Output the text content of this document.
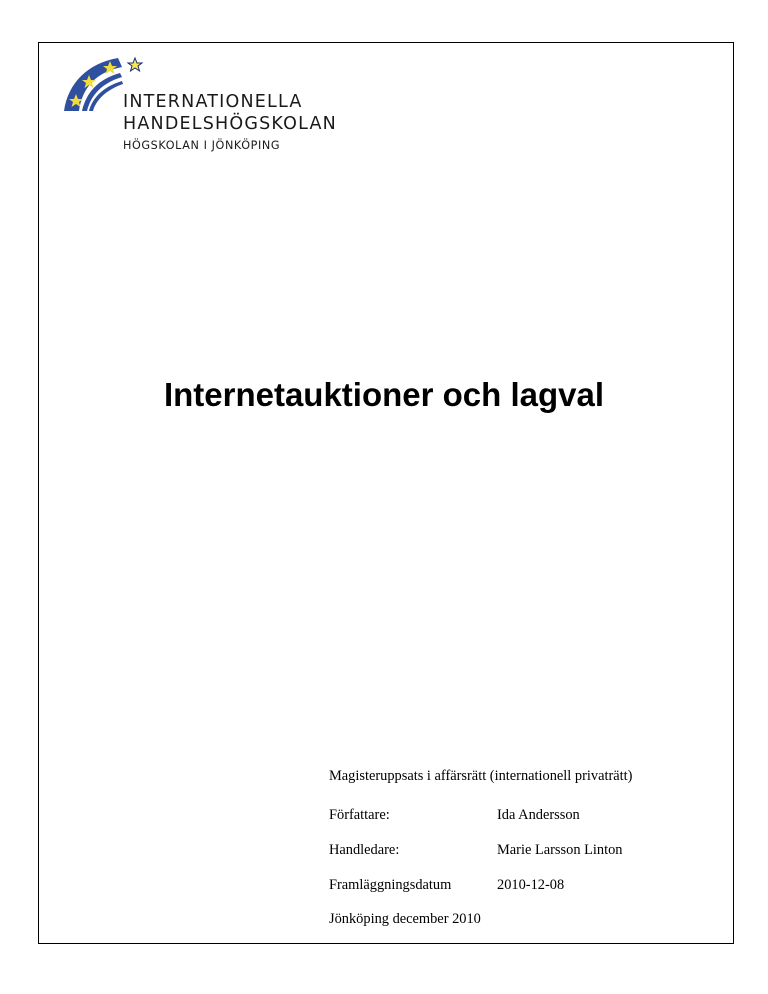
INTERNATIONELLA
HANDELSHÖGSKOLAN
HÖGSKOLAN I JÖNKÖPING
Internetauktioner och lagval
Magisteruppsats i affärsrätt (internationell privaträtt)
Författare:	Ida Andersson
Handledare:	Marie Larsson Linton
Framläggningsdatum	2010-12-08
Jönköping december 2010
